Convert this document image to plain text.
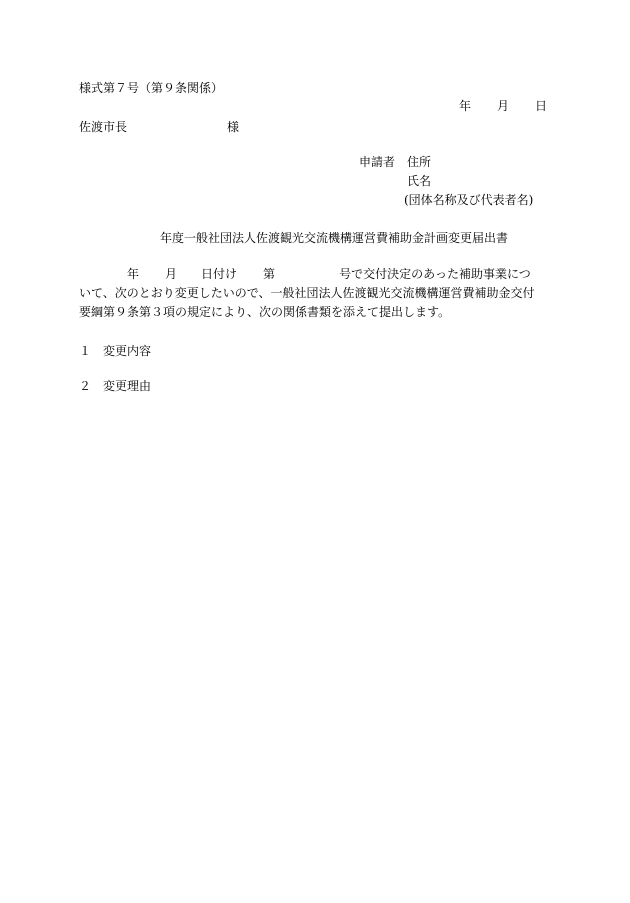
様式第７号（第９条関係）
年 月 日
佐渡市長	様
申請者 住所
氏名
(団体名称及び代表者名)
年度一般社団法人佐渡観光交流機構運営費補助金計画変更届出書
年 月 日付け 第	号で交付決定のあった補助事業につ
いて、次のとおり変更したいので、一般社団法人佐渡観光交流機構運営費補助金交付
要綱第９条第３項の規定により、次の関係書類を添えて提出します。
１ 変更内容
２ 変更理由
